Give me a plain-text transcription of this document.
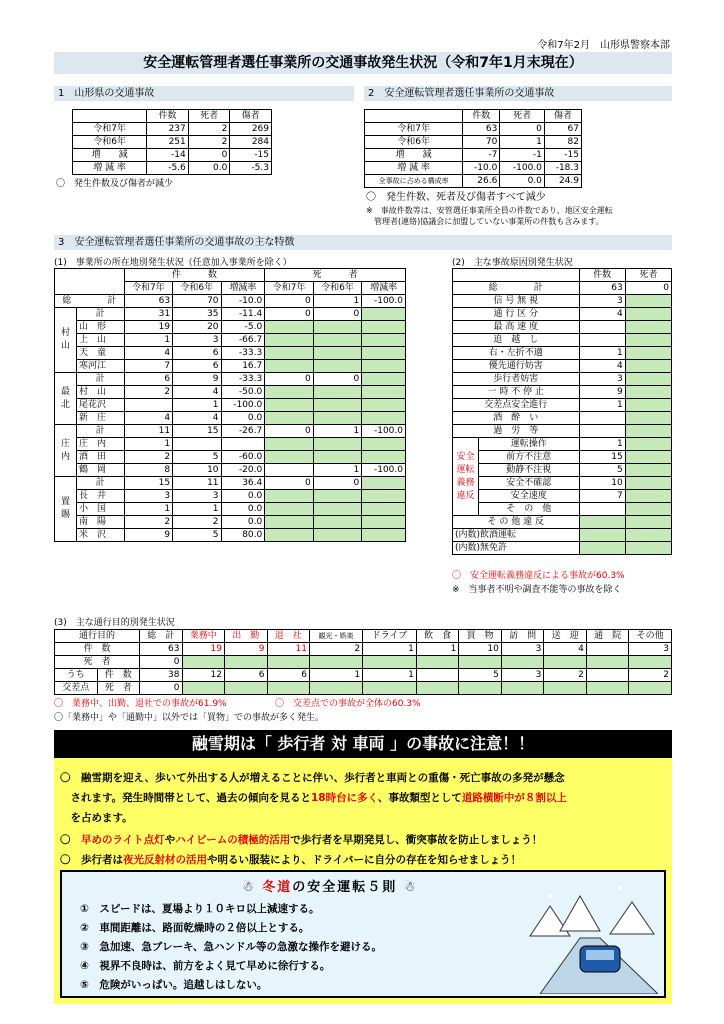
令和7年2月　山形県警察本部
安全運転管理者選任事業所の交通事故発生状況（令和7年1月末現在）
1　山形県の交通事故
	件数	死者	傷者
令和7年	237	2	269
令和6年	251	2	284
増　　減	-14	0	-15
増 減 率	-5.6	0.0	-5.3
〇　発生件数及び傷者が減少
2　安全運転管理者選任事業所の交通事故
	件数	死者	傷者
令和7年	63	0	67
令和6年	70	1	82
増　　減	-7	-1	-15
増 減 率	-10.0	-100.0	-18.3
全事故に占める構成率	26.6	0.0	24.9
〇　発生件数、死者及び傷者すべて減少
※　事故件数等は、安管選任事業所全員の件数であり、地区安全運転
　管理者(連絡)協議会に加盟していない事業所の件数も含みます。
3　安全運転管理者選任事業所の交通事故の主な特徴
(1)　事業所の所在地別発生状況（任意加入事業所を除く）
		件　　　数			死　　　者		
		令和7年	令和6年	増減率	令和7年	令和6年	増減率
総　　　　計		63	70	-10.0	0	1	-100.0
村山	計	31	35	-11.4	0	0	
	山　形	19	20	-5.0			
	上　山	1	3	-66.7			
	天　童	4	6	-33.3			
	寒河江	7	6	16.7			
最北	計	6	9	-33.3	0	0	
	村　山	2	4	-50.0			
	尾花沢		1	-100.0			
	新　庄	4	4	0.0			
庄内	計	11	15	-26.7	0	1	-100.0
	庄　内	1					
	酒　田	2	5	-60.0			
	鶴　岡	8	10	-20.0		1	-100.0
置賜	計	15	11	36.4	0	0	
	長　井	3	3	0.0			
	小　国	1	1	0.0			
	南　陽	2	2	0.0			
	米　沢	9	5	80.0			
(2)　主な事故原因別発生状況
		件数	死者
総　　　　計		63	0
信 号 無 視		3	
通 行 区 分		4	
最 高 速 度			
追　越　し			
右・左折不適		1	
優先通行妨害		4	
歩行者妨害		3	
一 時 不 停 止		9	
交差点安全進行		1	
酒　酔　い			
過　労　等			
安全運転義務違反	運転操作	1	
	前方不注意	15	
	動静不注視	5	
	安全不確認	10	
	安全速度	7	
	そ　の　他		
そ の 他 違 反			
(内数)飲酒運転			
(内数)無免許			
〇　安全運転義務違反による事故が60.3%
※　当事者不明や調査不能等の事故を除く
(3)　主な通行目的別発生状況
通行目的		総　計	業務中	出　勤	退　社	観光・娯楽	ドライブ	飲　食	買　物	訪　問	送　迎	通　院	その他
件　数		63	19	9	11	2	1	1	10	3	4		3
死　者		0											
うち	件　数	38	12	6	6	1	1		5	3	2		2
交差点	死　者	0											
〇　業務中、出勤、退社での事故が61.9%	〇　交差点での事故が全体の60.3%
〇「業務中」や「通勤中」以外では「買物」での事故が多く発生。
融雪期は「 歩行者 対 車両 」の事故に注意！！
〇　融雪期を迎え、歩いて外出する人が増えることに伴い、歩行者と車両との重傷・死亡事故の多発が懸念
　されます。発生時間帯として、過去の傾向を見ると18時台に多く、事故類型として道路横断中が８割以上
　を占めます。
〇　早めのライト点灯やハイビームの積極的活用で歩行者を早期発見し、衝突事故を防止しましょう！
〇　歩行者は夜光反射材の活用や明るい服装により、ドライバーに自分の存在を知らせましょう！
☃ 冬道の安全運転５則 ☃
①　スピードは、夏場より１０キロ以上減速する。
②　車間距離は、路面乾燥時の２倍以上とする。
③　急加速、急ブレーキ、急ハンドル等の急激な操作を避ける。
④　視界不良時は、前方をよく見て早めに徐行する。
⑤　危険がいっぱい。追越しはしない。
